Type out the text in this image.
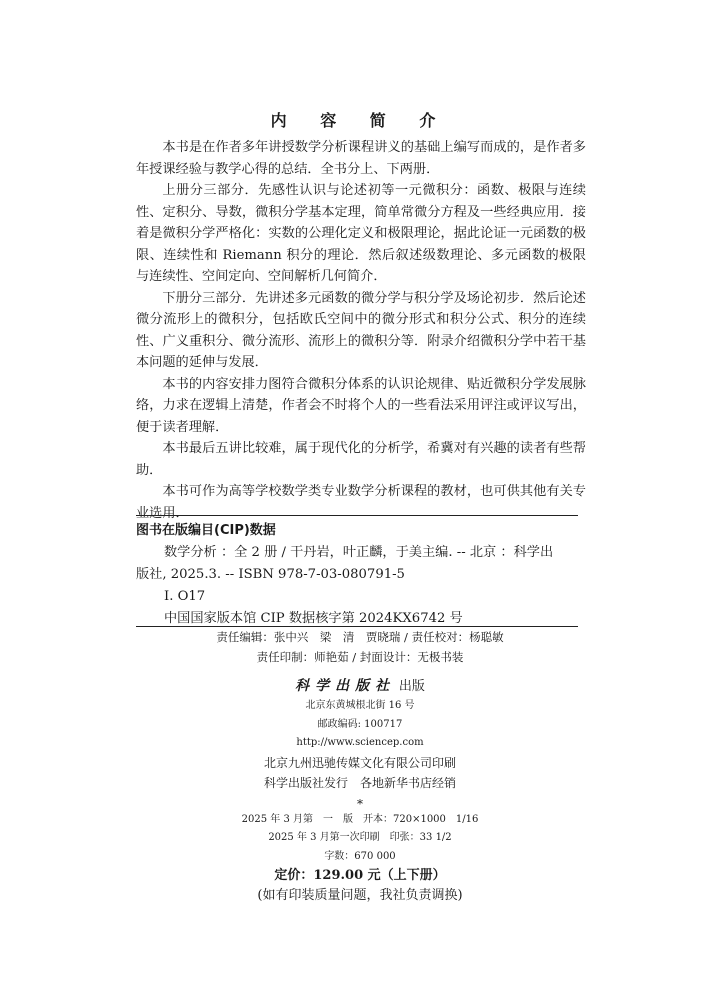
内 容 简 介

本书是在作者多年讲授数学分析课程讲义的基础上编写而成的，是作者多年授课经验与教学心得的总结．全书分上、下两册．

上册分三部分．先感性认识与论述初等一元微积分：函数、极限与连续性、定积分、导数，微积分学基本定理，简单常微分方程及一些经典应用．接着是微积分学严格化：实数的公理化定义和极限理论，据此论证一元函数的极限、连续性和 Riemann 积分的理论．然后叙述级数理论、多元函数的极限与连续性、空间定向、空间解析几何简介．

下册分三部分．先讲述多元函数的微分学与积分学及场论初步．然后论述微分流形上的微积分，包括欧氏空间中的微分形式和积分公式、积分的连续性、广义重积分、微分流形、流形上的微积分等．附录介绍微积分学中若干基本问题的延伸与发展．

本书的内容安排力图符合微积分体系的认识论规律、贴近微积分学发展脉络，力求在逻辑上清楚，作者会不时将个人的一些看法采用评注或评议写出，便于读者理解．

本书最后五讲比较难，属于现代化的分析学，希冀对有兴趣的读者有些帮助．

本书可作为高等学校数学类专业数学分析课程的教材，也可供其他有关专业选用．

图书在版编目(CIP)数据
数学分析 ：全 2 册 / 干丹岩，叶正麟，于美主编. -- 北京 ：科学出
版社, 2025.3. -- ISBN 978-7-03-080791-5
I. O17
中国国家版本馆 CIP 数据核字第 2024KX6742 号
责任编辑：张中兴　梁　清　贾晓瑞 / 责任校对：杨聪敏
责任印制：师艳茹 / 封面设计：无极书装
科学出版社 出版
北京东黄城根北街 16 号
邮政编码: 100717
http://www.sciencep.com
北京九州迅驰传媒文化有限公司印刷
科学出版社发行　各地新华书店经销
*
2025 年 3 月第　一　版　开本：720×1000　1/16
2025 年 3 月第一次印刷　印张：33 1/2
字数：670 000
定价：129.00 元（上下册）
(如有印装质量问题，我社负责调换)
